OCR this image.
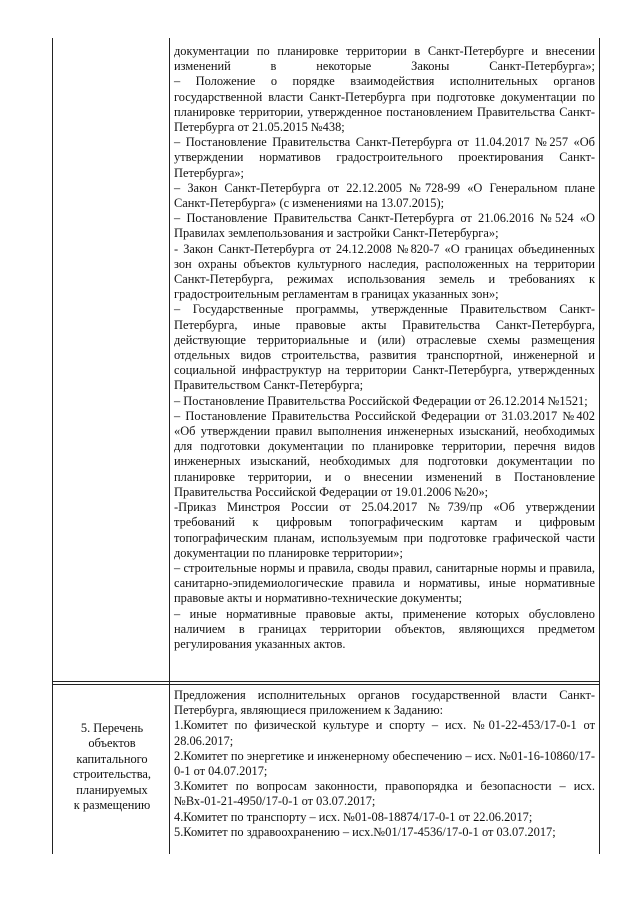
документации по планировке территории в Санкт-Петербурге и внесении изменений в некоторые Законы Санкт-Петербурга»;

– Положение о порядке взаимодействия исполнительных органов государственной власти Санкт-Петербурга при подготовке документации по планировке территории, утвержденное постановлением Правительства Санкт-Петербурга от 21.05.2015 №438;

– Постановление Правительства Санкт-Петербурга от 11.04.2017 №257 «Об утверждении нормативов градостроительного проектирования Санкт-Петербурга»;

– Закон Санкт-Петербурга от 22.12.2005 №728-99 «О Генеральном плане Санкт-Петербурга» (с изменениями на 13.07.2015);

– Постановление Правительства Санкт-Петербурга от 21.06.2016 №524 «О Правилах землепользования и застройки Санкт-Петербурга»;

- Закон Санкт-Петербурга от 24.12.2008 №820-7 «О границах объединенных зон охраны объектов культурного наследия, расположенных на территории Санкт-Петербурга, режимах использования земель и требованиях к градостроительным регламентам в границах указанных зон»;

– Государственные программы, утвержденные Правительством Санкт-Петербурга, иные правовые акты Правительства Санкт-Петербурга, действующие территориальные и (или) отраслевые схемы размещения отдельных видов строительства, развития транспортной, инженерной и социальной инфраструктур на территории Санкт-Петербурга, утвержденных Правительством Санкт-Петербурга;

– Постановление Правительства Российской Федерации от 26.12.2014 №1521;

– Постановление Правительства Российской Федерации от 31.03.2017 №402 «Об утверждении правил выполнения инженерных изысканий, необходимых для подготовки документации по планировке территории, перечня видов инженерных изысканий, необходимых для подготовки документации по планировке территории, и о внесении изменений в Постановление Правительства Российской Федерации от 19.01.2006 №20»;

-Приказ Минстроя России от 25.04.2017 №739/пр «Об утверждении требований к цифровым топографическим картам и цифровым топографическим планам, используемым при подготовке графической части документации по планировке территории»;

– строительные нормы и правила, своды правил, санитарные нормы и правила, санитарно-эпидемиологические правила и нормативы, иные нормативные правовые акты и нормативно-технические документы;

– иные нормативные правовые акты, применение которых обусловлено наличием в границах территории объектов, являющихся предметом регулирования указанных актов.

5. Перечень
объектов
капитального
строительства,
планируемых
к размещению

Предложения исполнительных органов государственной власти Санкт-Петербурга, являющиеся приложением к Заданию:

1.Комитет по физической культуре и спорту – исх. №01-22-453/17-0-1 от 28.06.2017;

2.Комитет по энергетике и инженерному обеспечению – исх. №01-16-10860/17-0-1 от 04.07.2017;

3.Комитет по вопросам законности, правопорядка и безопасности – исх. №Вх-01-21-4950/17-0-1 от 03.07.2017;

4.Комитет по транспорту – исх. №01-08-18874/17-0-1 от 22.06.2017;

5.Комитет по здравоохранению – исх.№01/17-4536/17-0-1 от 03.07.2017;
